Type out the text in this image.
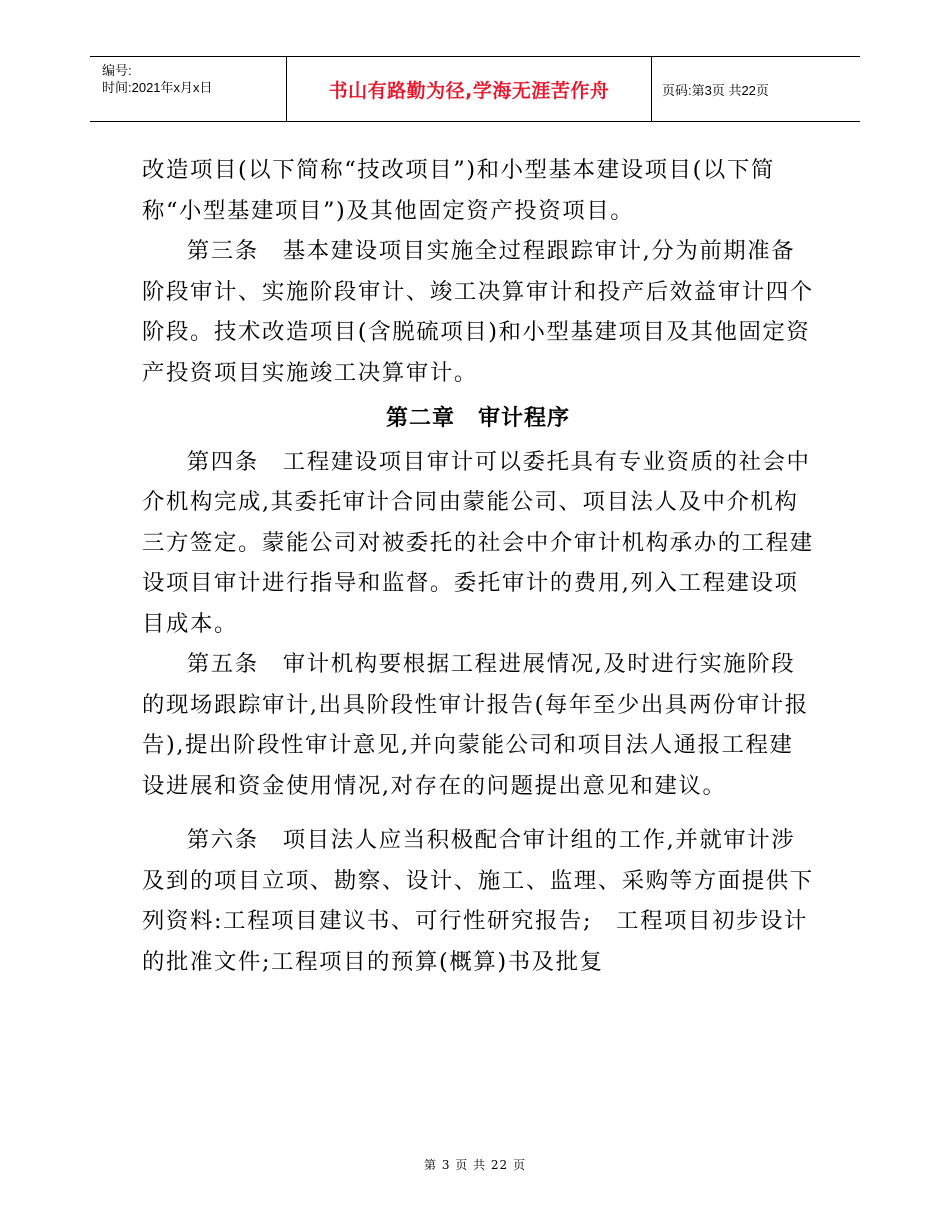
编号:
时间:2021年x月x日	书山有路勤为径,学海无涯苦作舟	页码:第3页 共22页

改造项目(以下简称“技改项目”)和小型基本建设项目(以下简称“小型基建项目”)及其他固定资产投资项目。

第三条　基本建设项目实施全过程跟踪审计,分为前期准备阶段审计、实施阶段审计、竣工决算审计和投产后效益审计四个阶段。技术改造项目(含脱硫项目)和小型基建项目及其他固定资产投资项目实施竣工决算审计。

第二章　审计程序

第四条　工程建设项目审计可以委托具有专业资质的社会中介机构完成,其委托审计合同由蒙能公司、项目法人及中介机构三方签定。蒙能公司对被委托的社会中介审计机构承办的工程建设项目审计进行指导和监督。委托审计的费用,列入工程建设项目成本。

第五条　审计机构要根据工程进展情况,及时进行实施阶段的现场跟踪审计,出具阶段性审计报告(每年至少出具两份审计报告),提出阶段性审计意见,并向蒙能公司和项目法人通报工程建设进展和资金使用情况,对存在的问题提出意见和建议。

第六条　项目法人应当积极配合审计组的工作,并就审计涉及到的项目立项、勘察、设计、施工、监理、采购等方面提供下列资料:工程项目建议书、可行性研究报告;　工程项目初步设计的批准文件;工程项目的预算(概算)书及批复

第 3 页 共 22 页
